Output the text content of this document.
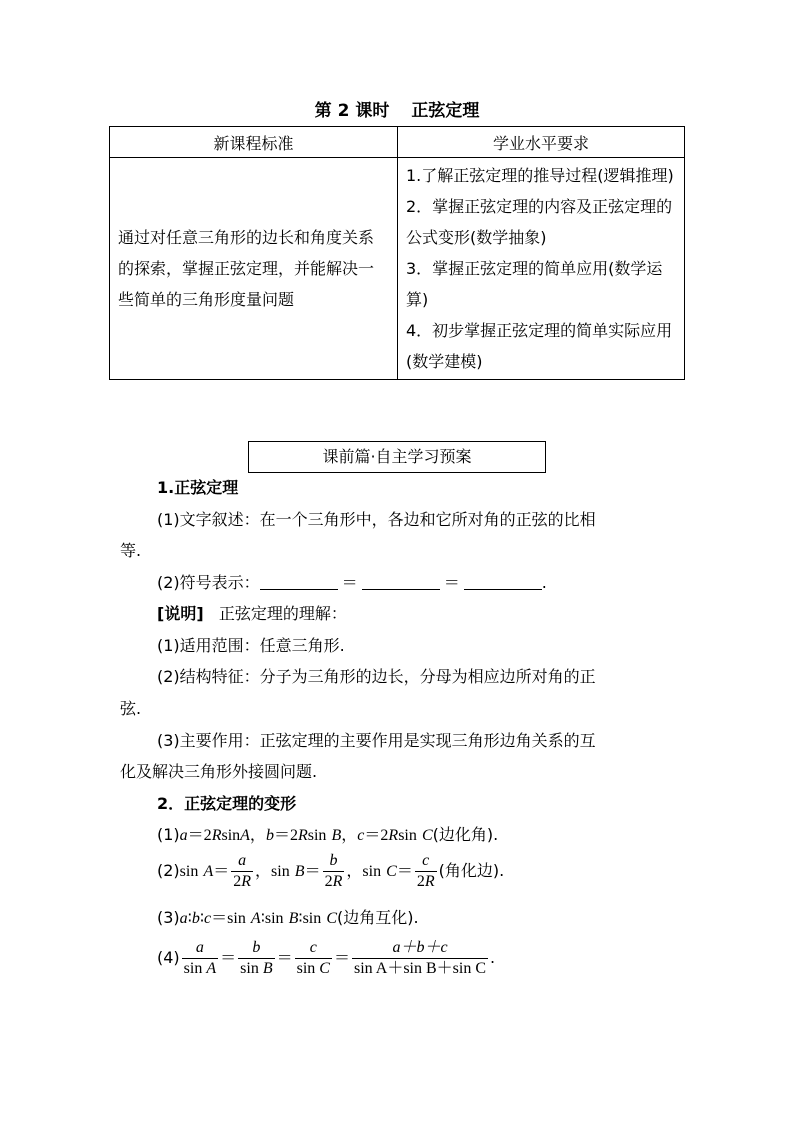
第 2 课时 正弦定理
新课程标准	学业水平要求
通过对任意三角形的边长和角度关系的探索，掌握正弦定理，并能解决一些简单的三角形度量问题	1.了解正弦定理的推导过程(逻辑推理)
2．掌握正弦定理的内容及正弦定理的公式变形(数学抽象)
3．掌握正弦定理的简单应用(数学运算)
4．初步掌握正弦定理的简单实际应用(数学建模)
课前篇·自主学习预案
1.正弦定理
(1)文字叙述：在一个三角形中，各边和它所对角的正弦的比相
等.
(2)符号表示：	＝	＝	.
[说明] 正弦定理的理解：
(1)适用范围：任意三角形.
(2)结构特征：分子为三角形的边长，分母为相应边所对角的正
弦.
(3)主要作用：正弦定理的主要作用是实现三角形边角关系的互
化及解决三角形外接圆问题.
2．正弦定理的变形
(1)a＝2RsinA，b＝2Rsin B，c＝2Rsin C(边化角).
(2)sin $A= \frac{a}{2R}$ ，$\sin B= \frac{b}{2R}$ ，$\sin C= \frac{c}{2R}$ (角化边).
(3)a∶b∶c＝sin A∶sin B∶sin C(边角互化).
$(4) \frac{a}{\text{sin A}} = \frac{b}{\text{sin B}} = \frac{c}{\text{sin C}} = \frac{a+b+c}{\text{sin A＋sin B＋sin C}}$ .
